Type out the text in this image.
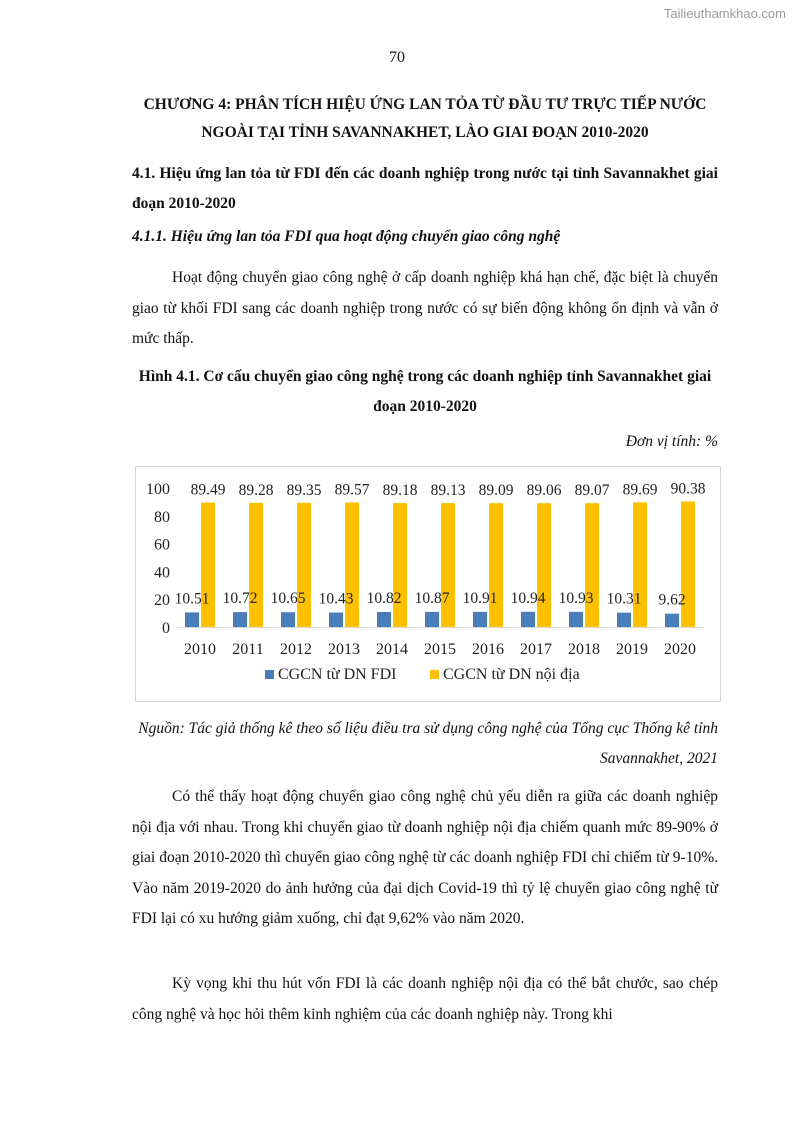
Tailieuthamkhao.com
70
CHƯƠNG 4: PHÂN TÍCH HIỆU ỨNG LAN TỎA TỪ ĐẦU TƯ TRỰC TIẾP NƯỚC NGOÀI TẠI TỈNH SAVANNAKHET, LÀO GIAI ĐOẠN 2010-2020
4.1. Hiệu ứng lan tỏa từ FDI đến các doanh nghiệp trong nước tại tỉnh Savannakhet giai đoạn 2010-2020
4.1.1. Hiệu ứng lan tỏa FDI qua hoạt động chuyển giao công nghệ
Hoạt động chuyển giao công nghệ ở cấp doanh nghiệp khá hạn chế, đặc biệt là chuyển giao từ khối FDI sang các doanh nghiệp trong nước có sự biến động không ổn định và vẫn ở mức thấp.
Hình 4.1. Cơ cấu chuyển giao công nghệ trong các doanh nghiệp tỉnh Savannakhet giai đoạn 2010-2020
Đơn vị tính: %
0
20
40
60
80
100
10.51
89.49
2010
10.72
89.28
2011
10.65
89.35
2012
10.43
89.57
2013
10.82
89.18
2014
10.87
89.13
2015
10.91
89.09
2016
10.94
89.06
2017
10.93
89.07
2018
10.31
89.69
2019
9.62
90.38
2020
CGCN từ DN FDI	CGCN từ DN nội địa
Nguồn: Tác giả thống kê theo số liệu điều tra sử dụng công nghệ của Tổng cục Thống kê tỉnh Savannakhet, 2021
Có thể thấy hoạt động chuyển giao công nghệ chủ yếu diễn ra giữa các doanh nghiệp nội địa với nhau. Trong khi chuyển giao từ doanh nghiệp nội địa chiếm quanh mức 89-90% ở giai đoạn 2010-2020 thì chuyển giao công nghệ từ các doanh nghiệp FDI chỉ chiếm từ 9-10%. Vào năm 2019-2020 do ảnh hưởng của đại dịch Covid-19 thì tỷ lệ chuyển giao công nghệ từ FDI lại có xu hướng giảm xuống, chỉ đạt 9,62% vào năm 2020.
Kỳ vọng khi thu hút vốn FDI là các doanh nghiệp nội địa có thể bắt chước, sao chép công nghệ và học hỏi thêm kinh nghiệm của các doanh nghiệp này. Trong khi
